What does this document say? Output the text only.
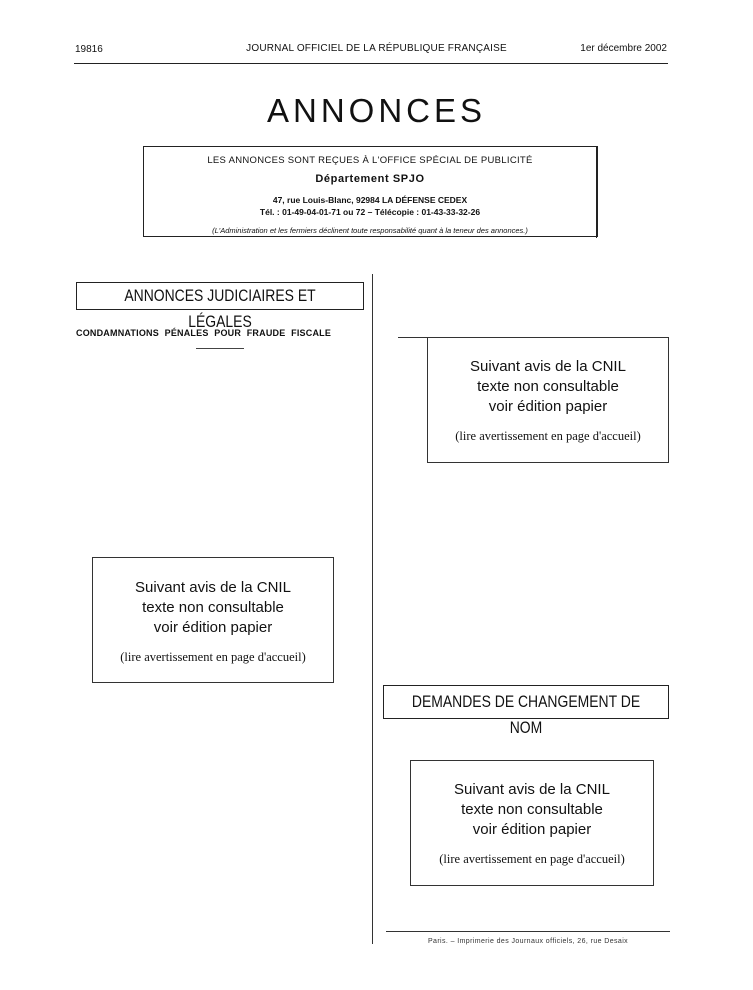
19816	JOURNAL OFFICIEL DE LA RÉPUBLIQUE FRANÇAISE	1er décembre 2002
ANNONCES
LES ANNONCES SONT REÇUES À L'OFFICE SPÉCIAL DE PUBLICITÉ
Département SPJO
47, rue Louis-Blanc, 92984 LA DÉFENSE CEDEX
Tél. : 01-49-04-01-71 ou 72 – Télécopie : 01-43-33-32-26
(L'Administration et les fermiers déclinent toute responsabilité quant à la teneur des annonces.)
ANNONCES JUDICIAIRES ET LÉGALES
CONDAMNATIONS PÉNALES POUR FRAUDE FISCALE
Suivant avis de la CNIL
texte non consultable
voir édition papier
(lire avertissement en page d'accueil)
Suivant avis de la CNIL
texte non consultable
voir édition papier
(lire avertissement en page d'accueil)
DEMANDES DE CHANGEMENT DE NOM
Suivant avis de la CNIL
texte non consultable
voir édition papier
(lire avertissement en page d'accueil)
Paris. – Imprimerie des Journaux officiels, 26, rue Desaix
